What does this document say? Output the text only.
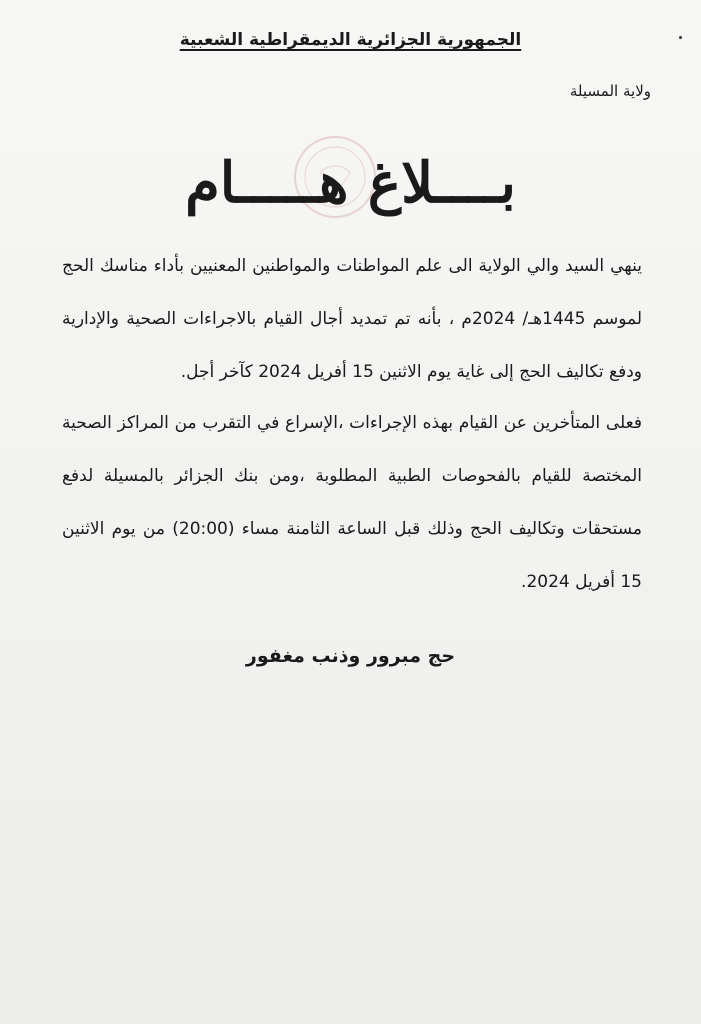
الجمهورية الجزائرية الديمقراطية الشعبية
ولاية المسيلة
بــــلاغ هـــــام
ينهي السيد والي الولاية الى علم المواطنات والمواطنين المعنيين بأداء مناسك الحج لموسم 1445هـ/ 2024م ، بأنه تم تمديد أجال القيام بالاجراءات الصحية والإدارية ودفع تكاليف الحج إلى غاية يوم الاثنين 15 أفريل 2024 كآخر أجل.
فعلى المتأخرين عن القيام بهذه الإجراءات ،الإسراع في التقرب من المراكز الصحية المختصة للقيام بالفحوصات الطبية المطلوبة ،ومن بنك الجزائر بالمسيلة لدفع مستحقات وتكاليف الحج وذلك قبل الساعة الثامنة مساء (20:00) من يوم الاثنين 15 أفريل 2024.
حج مبرور وذنب مغفور
